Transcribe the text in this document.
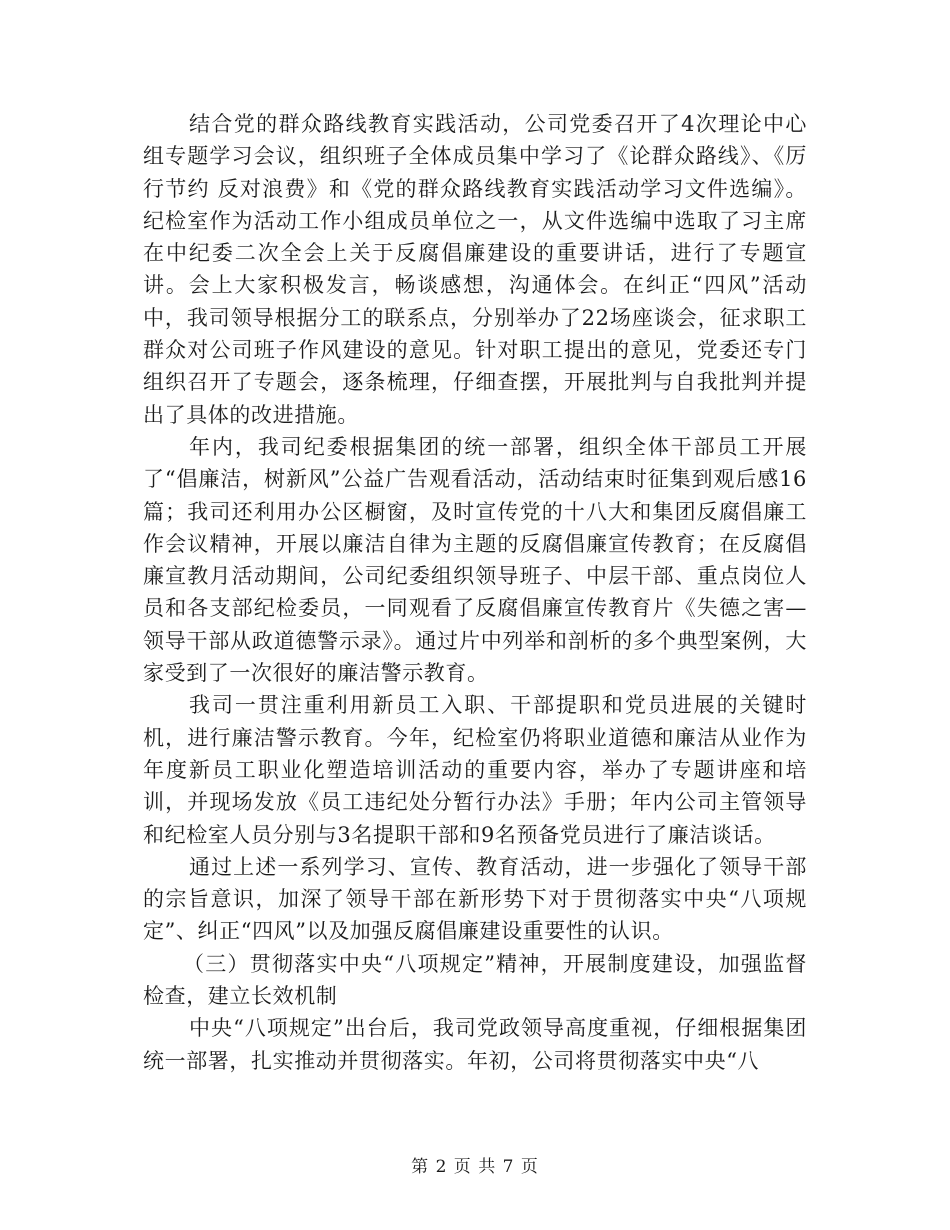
结合党的群众路线教育实践活动，公司党委召开了4次理论中心组专题学习会议，组织班子全体成员集中学习了《论群众路线》、《厉行节约 反对浪费》和《党的群众路线教育实践活动学习文件选编》。纪检室作为活动工作小组成员单位之一，从文件选编中选取了习主席在中纪委二次全会上关于反腐倡廉建设的重要讲话，进行了专题宣讲。会上大家积极发言，畅谈感想，沟通体会。在纠正“四风”活动中，我司领导根据分工的联系点，分别举办了22场座谈会，征求职工群众对公司班子作风建设的意见。针对职工提出的意见，党委还专门组织召开了专题会，逐条梳理，仔细查摆，开展批判与自我批判并提出了具体的改进措施。

年内，我司纪委根据集团的统一部署，组织全体干部员工开展了“倡廉洁，树新风”公益广告观看活动，活动结束时征集到观后感16篇；我司还利用办公区橱窗，及时宣传党的十八大和集团反腐倡廉工作会议精神，开展以廉洁自律为主题的反腐倡廉宣传教育；在反腐倡廉宣教月活动期间，公司纪委组织领导班子、中层干部、重点岗位人员和各支部纪检委员，一同观看了反腐倡廉宣传教育片《失德之害—领导干部从政道德警示录》。通过片中列举和剖析的多个典型案例，大家受到了一次很好的廉洁警示教育。

我司一贯注重利用新员工入职、干部提职和党员进展的关键时机，进行廉洁警示教育。今年，纪检室仍将职业道德和廉洁从业作为年度新员工职业化塑造培训活动的重要内容，举办了专题讲座和培训，并现场发放《员工违纪处分暂行办法》手册；年内公司主管领导和纪检室人员分别与3名提职干部和9名预备党员进行了廉洁谈话。

通过上述一系列学习、宣传、教育活动，进一步强化了领导干部的宗旨意识，加深了领导干部在新形势下对于贯彻落实中央“八项规定”、纠正“四风”以及加强反腐倡廉建设重要性的认识。

（三）贯彻落实中央“八项规定”精神，开展制度建设，加强监督检查，建立长效机制

中央“八项规定”出台后，我司党政领导高度重视，仔细根据集团统一部署，扎实推动并贯彻落实。年初，公司将贯彻落实中央“八

第 2 页 共 7 页
